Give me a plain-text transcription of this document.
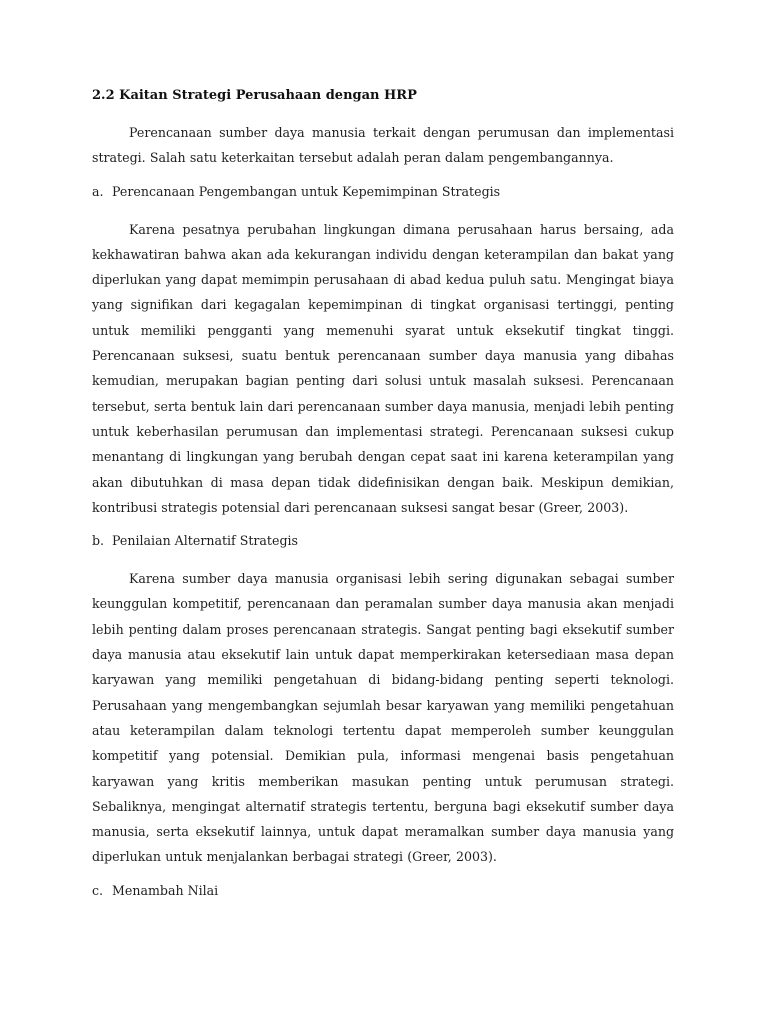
2.2 Kaitan Strategi Perusahaan dengan HRP

Perencanaan sumber daya manusia terkait dengan perumusan dan implementasi strategi. Salah satu keterkaitan tersebut adalah peran dalam pengembangannya.

a. Perencanaan Pengembangan untuk Kepemimpinan Strategis

Karena pesatnya perubahan lingkungan dimana perusahaan harus bersaing, ada kekhawatiran bahwa akan ada kekurangan individu dengan keterampilan dan bakat yang diperlukan yang dapat memimpin perusahaan di abad kedua puluh satu. Mengingat biaya yang signifikan dari kegagalan kepemimpinan di tingkat organisasi tertinggi, penting untuk memiliki pengganti yang memenuhi syarat untuk eksekutif tingkat tinggi. Perencanaan suksesi, suatu bentuk perencanaan sumber daya manusia yang dibahas kemudian, merupakan bagian penting dari solusi untuk masalah suksesi. Perencanaan tersebut, serta bentuk lain dari perencanaan sumber daya manusia, menjadi lebih penting untuk keberhasilan perumusan dan implementasi strategi. Perencanaan suksesi cukup menantang di lingkungan yang berubah dengan cepat saat ini karena keterampilan yang akan dibutuhkan di masa depan tidak didefinisikan dengan baik. Meskipun demikian, kontribusi strategis potensial dari perencanaan suksesi sangat besar (Greer, 2003).

b. Penilaian Alternatif Strategis

Karena sumber daya manusia organisasi lebih sering digunakan sebagai sumber keunggulan kompetitif, perencanaan dan peramalan sumber daya manusia akan menjadi lebih penting dalam proses perencanaan strategis. Sangat penting bagi eksekutif sumber daya manusia atau eksekutif lain untuk dapat memperkirakan ketersediaan masa depan karyawan yang memiliki pengetahuan di bidang-bidang penting seperti teknologi. Perusahaan yang mengembangkan sejumlah besar karyawan yang memiliki pengetahuan atau keterampilan dalam teknologi tertentu dapat memperoleh sumber keunggulan kompetitif yang potensial. Demikian pula, informasi mengenai basis pengetahuan karyawan yang kritis memberikan masukan penting untuk perumusan strategi. Sebaliknya, mengingat alternatif strategis tertentu, berguna bagi eksekutif sumber daya manusia, serta eksekutif lainnya, untuk dapat meramalkan sumber daya manusia yang diperlukan untuk menjalankan berbagai strategi (Greer, 2003).

c. Menambah Nilai
